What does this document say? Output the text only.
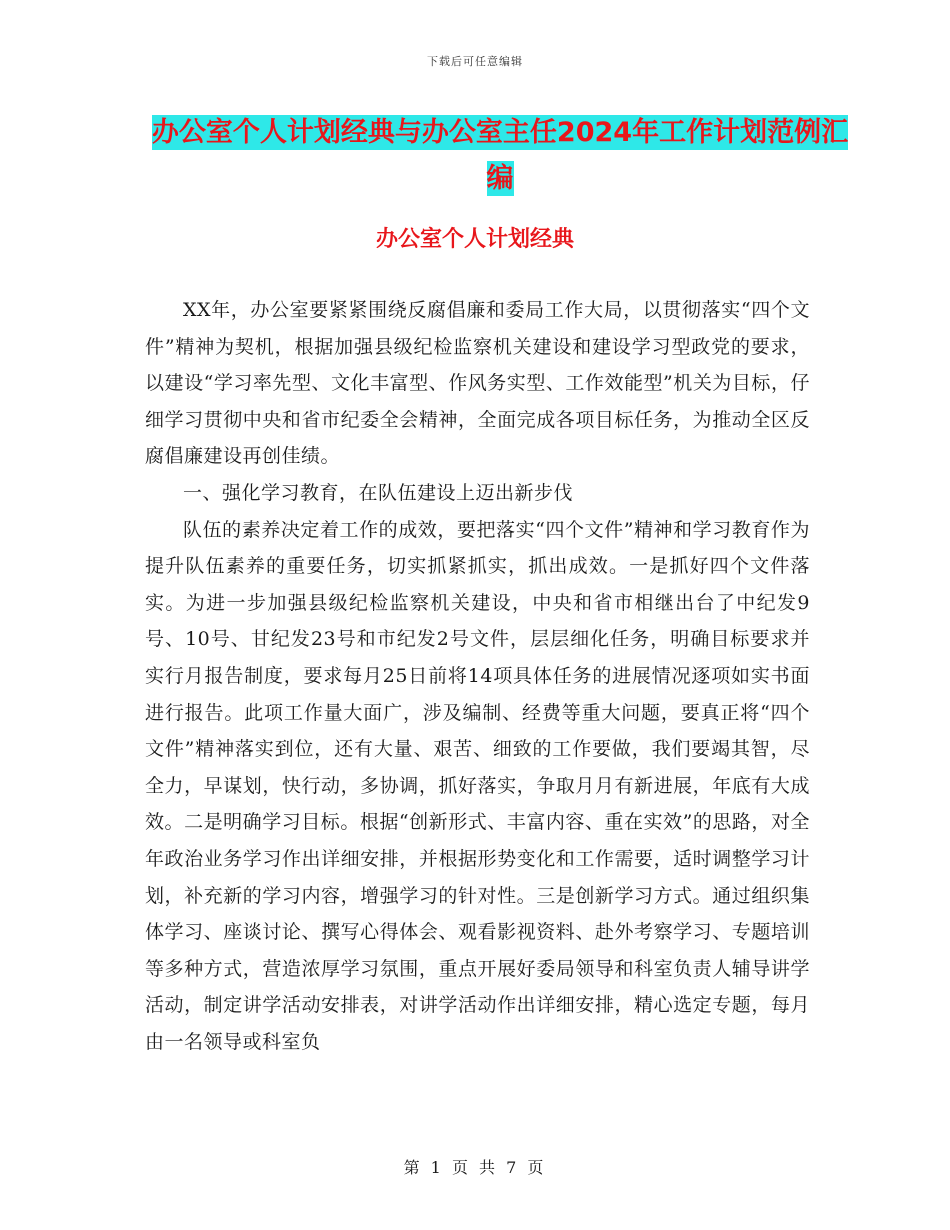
下载后可任意编辑
办公室个人计划经典与办公室主任2024年工作计划范例汇编
办公室个人计划经典

XX年，办公室要紧紧围绕反腐倡廉和委局工作大局，以贯彻落实“四个文件”精神为契机，根据加强县级纪检监察机关建设和建设学习型政党的要求，以建设“学习率先型、文化丰富型、作风务实型、工作效能型”机关为目标，仔细学习贯彻中央和省市纪委全会精神，全面完成各项目标任务，为推动全区反腐倡廉建设再创佳绩。

一、强化学习教育，在队伍建设上迈出新步伐

队伍的素养决定着工作的成效，要把落实“四个文件”精神和学习教育作为提升队伍素养的重要任务，切实抓紧抓实，抓出成效。一是抓好四个文件落实。为进一步加强县级纪检监察机关建设，中央和省市相继出台了中纪发9号、10号、甘纪发23号和市纪发2号文件，层层细化任务，明确目标要求并实行月报告制度，要求每月25日前将14项具体任务的进展情况逐项如实书面进行报告。此项工作量大面广，涉及编制、经费等重大问题，要真正将“四个文件”精神落实到位，还有大量、艰苦、细致的工作要做，我们要竭其智，尽全力，早谋划，快行动，多协调，抓好落实，争取月月有新进展，年底有大成效。二是明确学习目标。根据“创新形式、丰富内容、重在实效”的思路，对全年政治业务学习作出详细安排，并根据形势变化和工作需要，适时调整学习计划，补充新的学习内容，增强学习的针对性。三是创新学习方式。通过组织集体学习、座谈讨论、撰写心得体会、观看影视资料、赴外考察学习、专题培训等多种方式，营造浓厚学习氛围，重点开展好委局领导和科室负责人辅导讲学活动，制定讲学活动安排表，对讲学活动作出详细安排，精心选定专题，每月由一名领导或科室负

第 1 页 共 7 页
